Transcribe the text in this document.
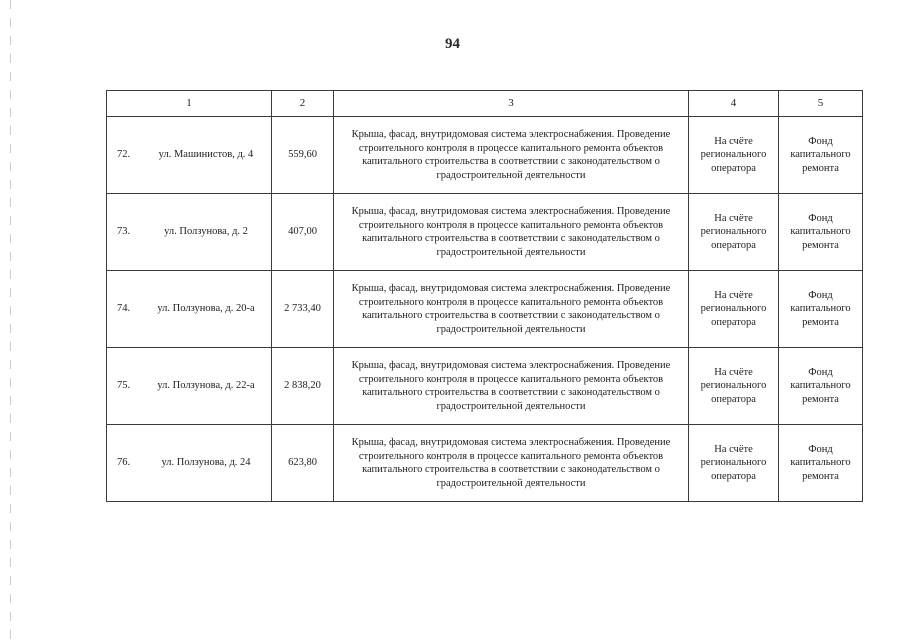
94
1	2	3	4	5

72. ул. Машинистов, д. 4	559,60	Крыша, фасад, внутридомовая система электроснабжения. Проведение строительного контроля в процессе капитального ремонта объектов капитального строительства в соответствии с законодательством о градостроительной деятельности	На счёте регионального оператора	Фонд капитального ремонта

73. ул. Ползунова, д. 2	407,00	Крыша, фасад, внутридомовая система электроснабжения. Проведение строительного контроля в процессе капитального ремонта объектов капитального строительства в соответствии с законодательством о градостроительной деятельности	На счёте регионального оператора	Фонд капитального ремонта

74. ул. Ползунова, д. 20-а	2 733,40	Крыша, фасад, внутридомовая система электроснабжения. Проведение строительного контроля в процессе капитального ремонта объектов капитального строительства в соответствии с законодательством о градостроительной деятельности	На счёте регионального оператора	Фонд капитального ремонта

75. ул. Ползунова, д. 22-а	2 838,20	Крыша, фасад, внутридомовая система электроснабжения. Проведение строительного контроля в процессе капитального ремонта объектов капитального строительства в соответствии с законодательством о градостроительной деятельности	На счёте регионального оператора	Фонд капитального ремонта

76. ул. Ползунова, д. 24	623,80	Крыша, фасад, внутридомовая система электроснабжения. Проведение строительного контроля в процессе капитального ремонта объектов капитального строительства в соответствии с законодательством о градостроительной деятельности	На счёте регионального оператора	Фонд капитального ремонта
